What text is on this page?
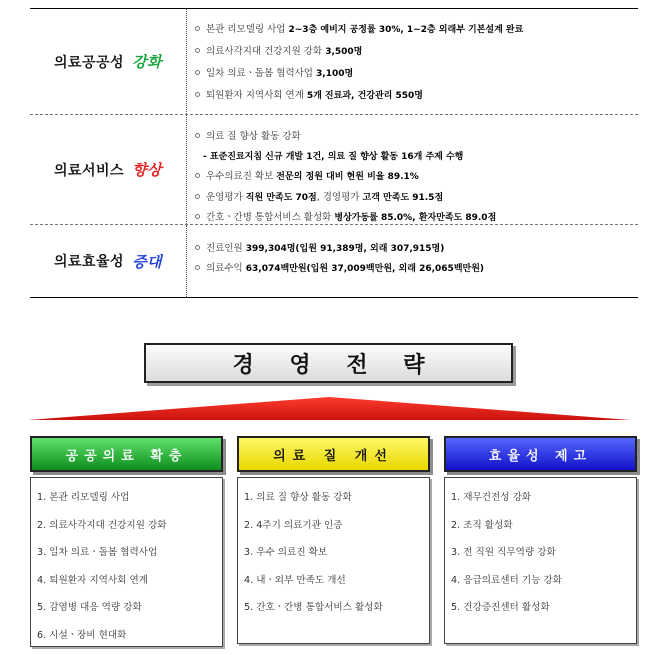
의료공공성 강화
본관 리모델링 사업 2~3층 예비지 공정률 30%, 1~2층 외래부 기본설계 완료
의료사각지대 건강지원 강화 3,500명
일차 의료ㆍ돌봄 협력사업 3,100명
퇴원환자 지역사회 연계 5개 진료과, 건강관리 550명
의료서비스 향상
의료 질 향상 활동 강화
- 표준진료지침 신규 개발 1건, 의료 질 향상 활동 16개 주제 수행
우수의료진 확보 전문의 정원 대비 현원 비율 89.1%
운영평가 직원 만족도 70점, 경영평가 고객 만족도 91.5점
간호ㆍ간병 통합서비스 활성화 병상가동률 85.0%, 환자만족도 89.0점
의료효율성 증대
진료인원 399,304명(입원 91,389명, 외래 307,915명)
의료수익 63,074백만원(입원 37,009백만원, 외래 26,065백만원)
경 영 전 략
공공의료 확충	의료 질 개선	효율성 제고
1. 본관 리모델링 사업
2. 의료사각지대 건강지원 강화
3. 일차 의료ㆍ돌봄 협력사업
4. 퇴원환자 지역사회 연계
5. 감염병 대응 역량 강화
6. 시설ㆍ장비 현대화
1. 의료 질 향상 활동 강화
2. 4주기 의료기관 인증
3. 우수 의료진 확보
4. 내ㆍ외부 만족도 개선
5. 간호ㆍ간병 통합서비스 활성화
1. 재무건전성 강화
2. 조직 활성화
3. 전 직원 직무역량 강화
4. 응급의료센터 기능 강화
5. 건강증진센터 활성화
